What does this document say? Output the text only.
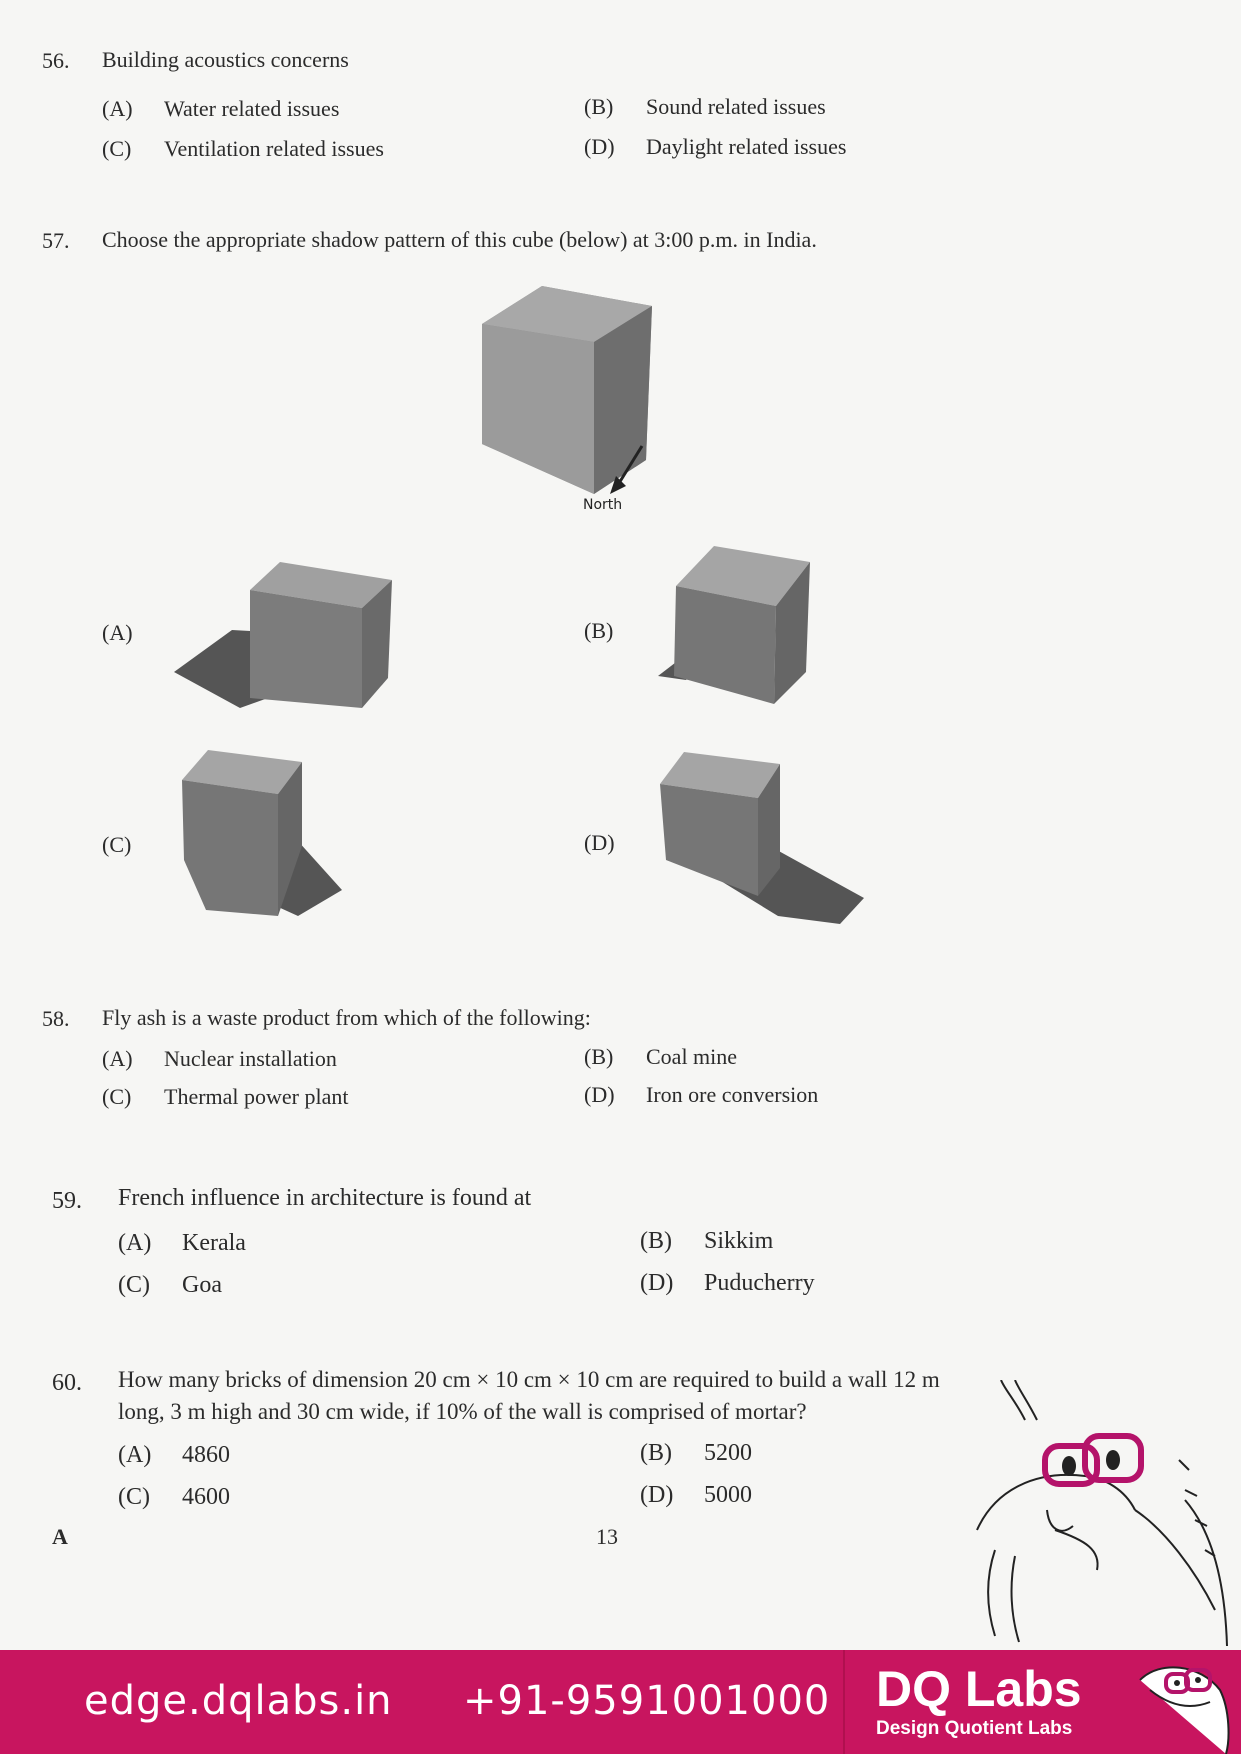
56. Building acoustics concerns
(A) Water related issues	(B) Sound related issues
(C) Ventilation related issues	(D) Daylight related issues
57. Choose the appropriate shadow pattern of this cube (below) at 3:00 p.m. in India.
North
(A)	(B)
(C)	(D)
58. Fly ash is a waste product from which of the following:
(A) Nuclear installation	(B) Coal mine
(C) Thermal power plant	(D) Iron ore conversion
59. French influence in architecture is found at
(A) Kerala	(B) Sikkim
(C) Goa	(D) Puducherry
60. How many bricks of dimension 20 cm × 10 cm × 10 cm are required to build a wall 12 m
long, 3 m high and 30 cm wide, if 10% of the wall is comprised of mortar?
(A) 4860	(B) 5200
(C) 4600	(D) 5000
A	13
edge.dqlabs.in +91-9591001000 DQ Labs
Design Quotient Labs
